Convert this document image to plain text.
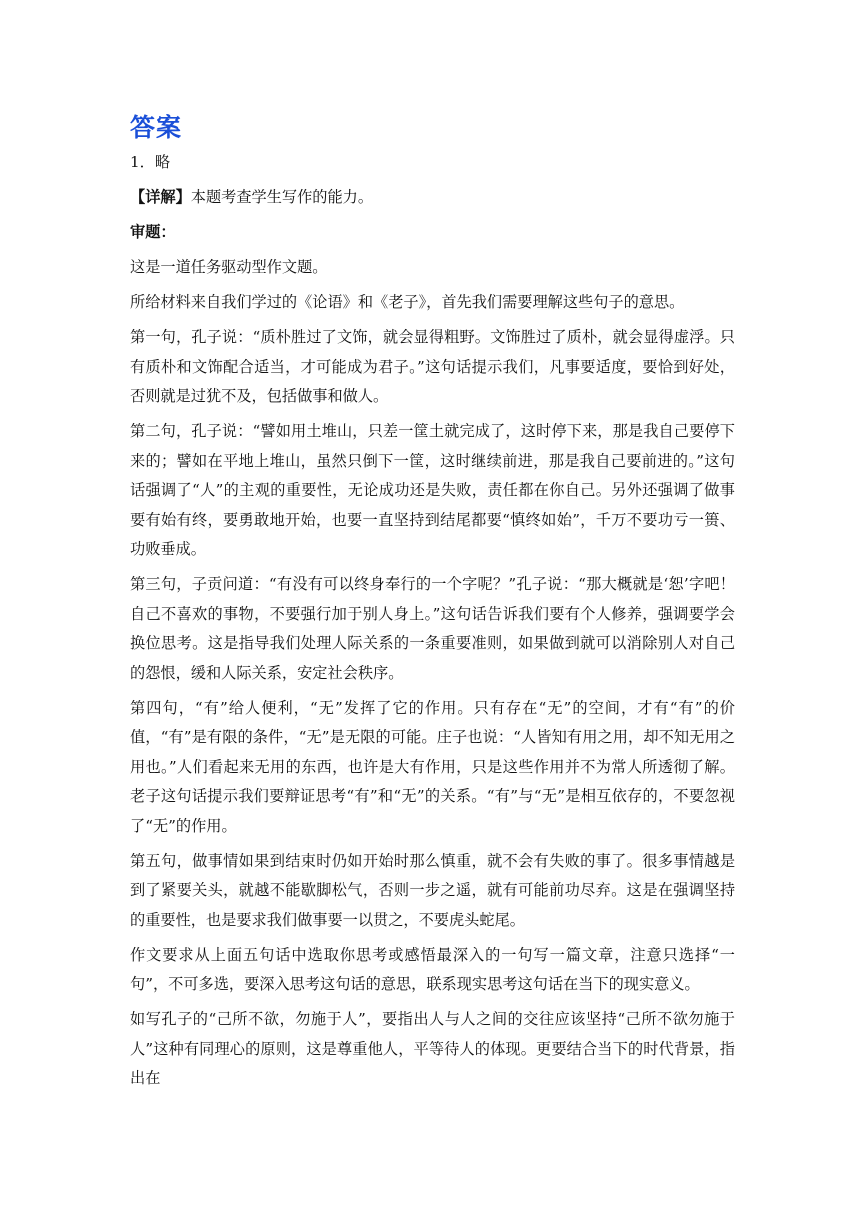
答案

1．略

【详解】本题考查学生写作的能力。

审题：

这是一道任务驱动型作文题。

所给材料来自我们学过的《论语》和《老子》，首先我们需要理解这些句子的意思。

第一句，孔子说：“质朴胜过了文饰，就会显得粗野。文饰胜过了质朴，就会显得虚浮。只有质朴和文饰配合适当，才可能成为君子。”这句话提示我们，凡事要适度，要恰到好处，否则就是过犹不及，包括做事和做人。

第二句，孔子说：“譬如用土堆山，只差一筐土就完成了，这时停下来，那是我自己要停下来的；譬如在平地上堆山，虽然只倒下一筐，这时继续前进，那是我自己要前进的。”这句话强调了“人”的主观的重要性，无论成功还是失败，责任都在你自己。另外还强调了做事要有始有终，要勇敢地开始，也要一直坚持到结尾都要“慎终如始”，千万不要功亏一篑、功败垂成。

第三句，子贡问道：“有没有可以终身奉行的一个字呢？”孔子说：“那大概就是‘恕’字吧！自己不喜欢的事物，不要强行加于别人身上。”这句话告诉我们要有个人修养，强调要学会换位思考。这是指导我们处理人际关系的一条重要准则，如果做到就可以消除别人对自己的怨恨，缓和人际关系，安定社会秩序。

第四句，“有”给人便利，“无”发挥了它的作用。只有存在“无”的空间，才有“有”的价值，“有”是有限的条件，“无”是无限的可能。庄子也说：“人皆知有用之用，却不知无用之用也。”人们看起来无用的东西，也许是大有作用，只是这些作用并不为常人所透彻了解。老子这句话提示我们要辩证思考“有”和“无”的关系。“有”与“无”是相互依存的，不要忽视了“无”的作用。

第五句，做事情如果到结束时仍如开始时那么慎重，就不会有失败的事了。很多事情越是到了紧要关头，就越不能歇脚松气，否则一步之遥，就有可能前功尽弃。这是在强调坚持的重要性，也是要求我们做事要一以贯之，不要虎头蛇尾。

作文要求从上面五句话中选取你思考或感悟最深入的一句写一篇文章，注意只选择“一句”，不可多选，要深入思考这句话的意思，联系现实思考这句话在当下的现实意义。

如写孔子的“己所不欲，勿施于人”，要指出人与人之间的交往应该坚持“己所不欲勿施于人”这种有同理心的原则，这是尊重他人，平等待人的体现。更要结合当下的时代背景，指出在
